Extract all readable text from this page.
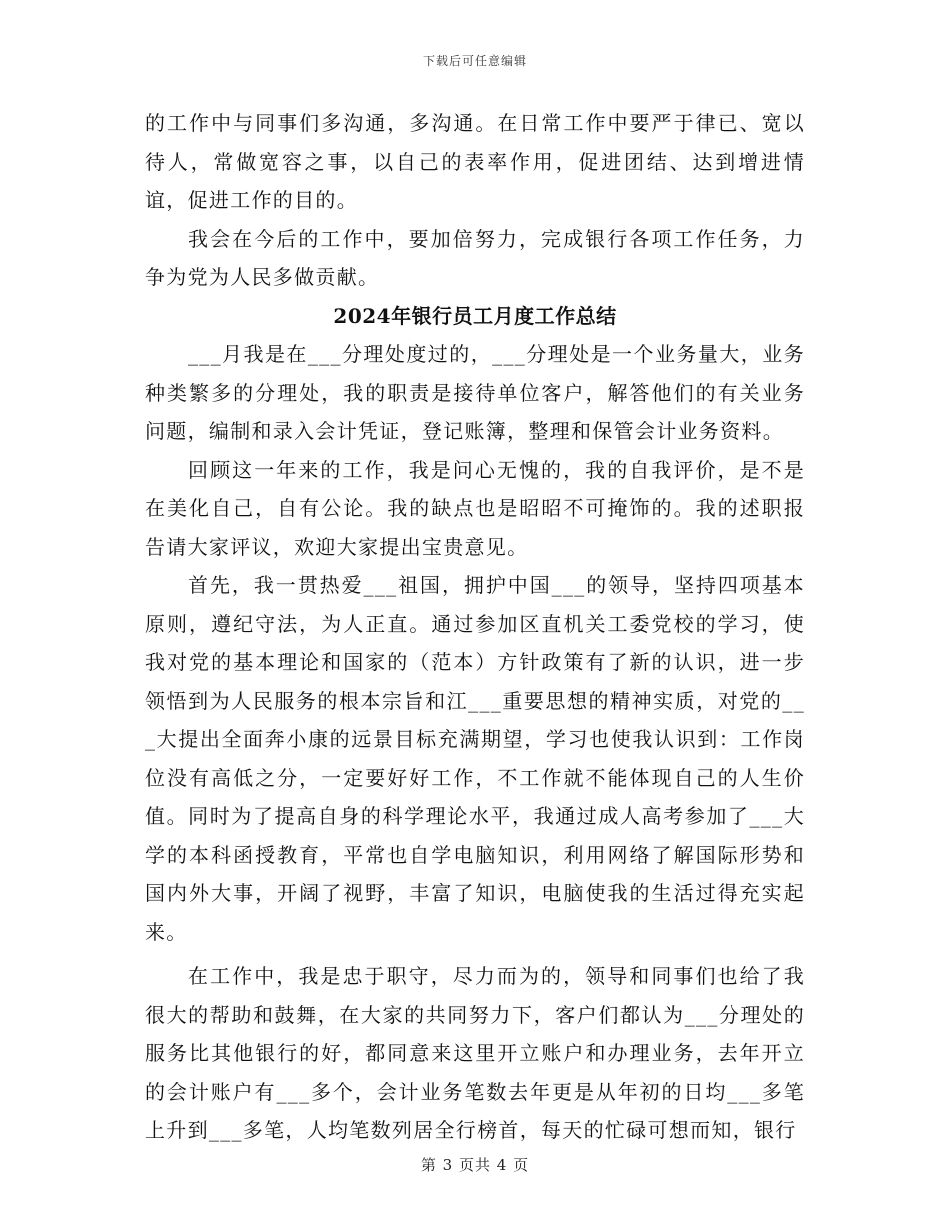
下载后可任意编辑

的工作中与同事们多沟通，多沟通。在日常工作中要严于律已、宽以待人，常做宽容之事，以自己的表率作用，促进团结、达到增进情谊，促进工作的目的。

我会在今后的工作中，要加倍努力，完成银行各项工作任务，力争为党为人民多做贡献。

2024年银行员工月度工作总结

___月我是在___分理处度过的，___分理处是一个业务量大，业务种类繁多的分理处，我的职责是接待单位客户，解答他们的有关业务问题，编制和录入会计凭证，登记账簿，整理和保管会计业务资料。

回顾这一年来的工作，我是问心无愧的，我的自我评价，是不是在美化自己，自有公论。我的缺点也是昭昭不可掩饰的。我的述职报告请大家评议，欢迎大家提出宝贵意见。

首先，我一贯热爱___祖国，拥护中国___的领导，坚持四项基本原则，遵纪守法，为人正直。通过参加区直机关工委党校的学习，使我对党的基本理论和国家的（范本）方针政策有了新的认识，进一步领悟到为人民服务的根本宗旨和江___重要思想的精神实质，对党的___大提出全面奔小康的远景目标充满期望，学习也使我认识到：工作岗位没有高低之分，一定要好好工作，不工作就不能体现自己的人生价值。同时为了提高自身的科学理论水平，我通过成人高考参加了___大学的本科函授教育，平常也自学电脑知识，利用网络了解国际形势和国内外大事，开阔了视野，丰富了知识，电脑使我的生活过得充实起来。

在工作中，我是忠于职守，尽力而为的，领导和同事们也给了我很大的帮助和鼓舞，在大家的共同努力下，客户们都认为___分理处的服务比其他银行的好，都同意来这里开立账户和办理业务，去年开立的会计账户有___多个，会计业务笔数去年更是从年初的日均___多笔上升到___多笔，人均笔数列居全行榜首，每天的忙碌可想而知，银行

第 3 页共 4 页
